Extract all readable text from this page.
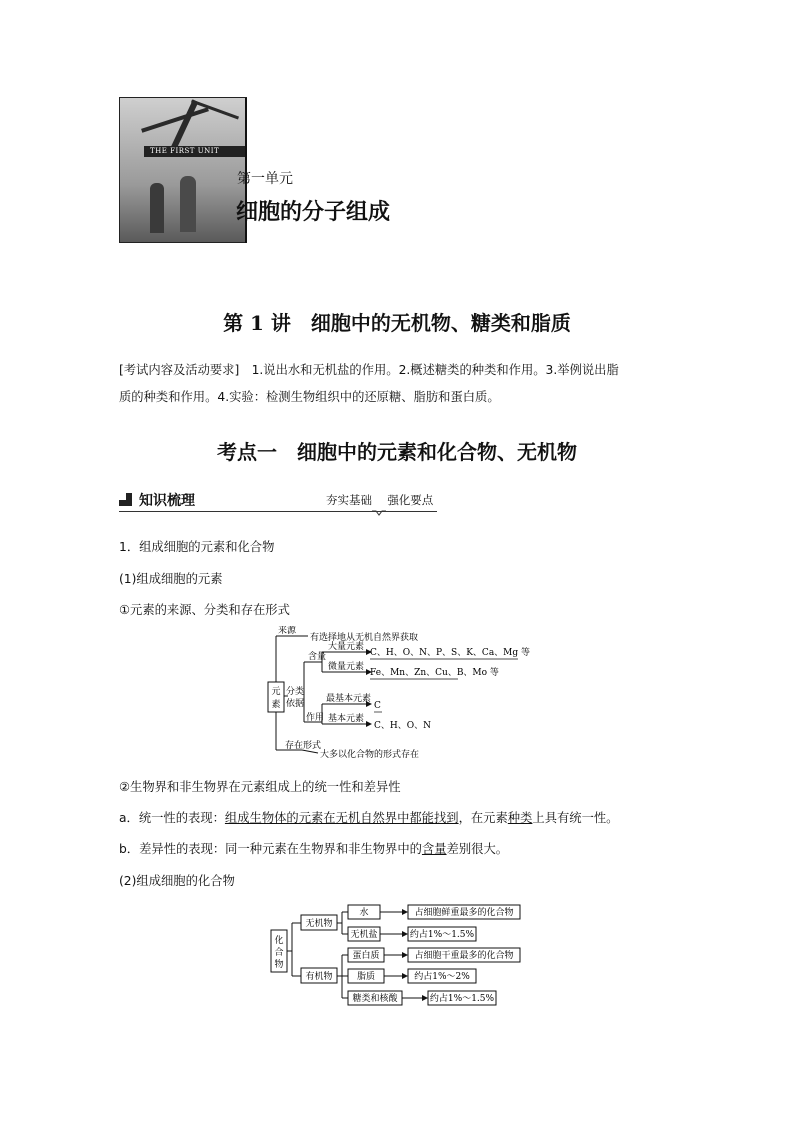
THE FIRST UNIT
第一单元
细胞的分子组成
第 1 讲　细胞中的无机物、糖类和脂质
[考试内容及活动要求]　1.说出水和无机盐的作用。2.概述糖类的种类和作用。3.举例说出脂
质的种类和作用。4.实验：检测生物组织中的还原糖、脂肪和蛋白质。
考点一　细胞中的元素和化合物、无机物
知识梳理	夯实基础 强化要点
1．组成细胞的元素和化合物
(1)组成细胞的元素
①元素的来源、分类和存在形式
元
素
来源
有选择地从无机自然界获取
存在形式
大多以化合物的形式存在
分类
依据
含量
作用
大量元素
微量元素
C、H、O、N、P、S、K、Ca、Mg 等
Fe、Mn、Zn、Cu、B、Mo 等
最基本元素
基本元素
C
C、H、O、N
②生物界和非生物界在元素组成上的统一性和差异性
a．统一性的表现：组成生物体的元素在无机自然界中都能找到，在元素种类上具有统一性。
b．差异性的表现：同一种元素在生物界和非生物界中的含量差别很大。
(2)组成细胞的化合物
化
合
物
无机物
有机物
水
无机盐
占细胞鲜重最多的化合物
约占1%～1.5%
蛋白质
脂质
糖类和核酸
占细胞干重最多的化合物
约占1%～2%
约占1%～1.5%
